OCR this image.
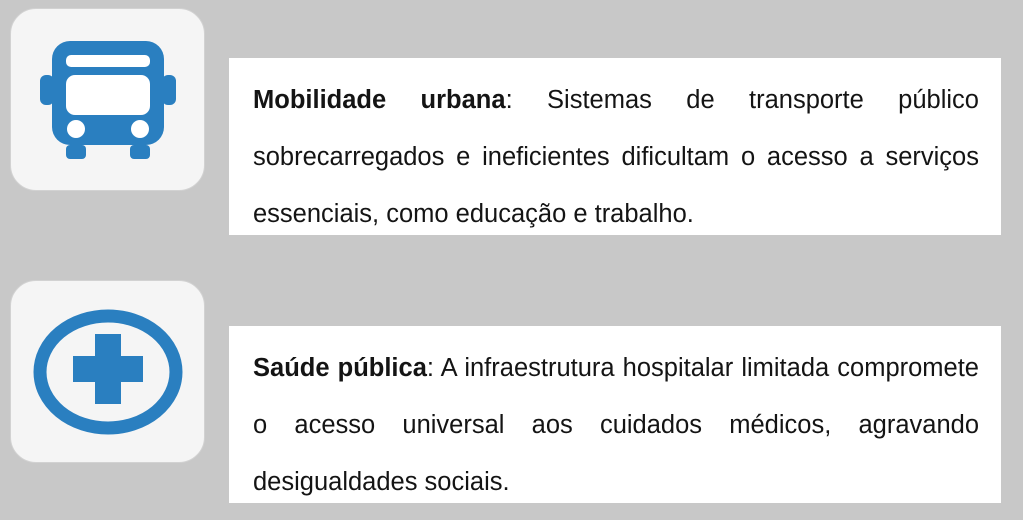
Mobilidade urbana: Sistemas de transporte público sobrecarregados e ineficientes dificultam o acesso a serviços essenciais, como educação e trabalho.

Saúde pública: A infraestrutura hospitalar limitada compromete o acesso universal aos cuidados médicos, agravando desigualdades sociais.
